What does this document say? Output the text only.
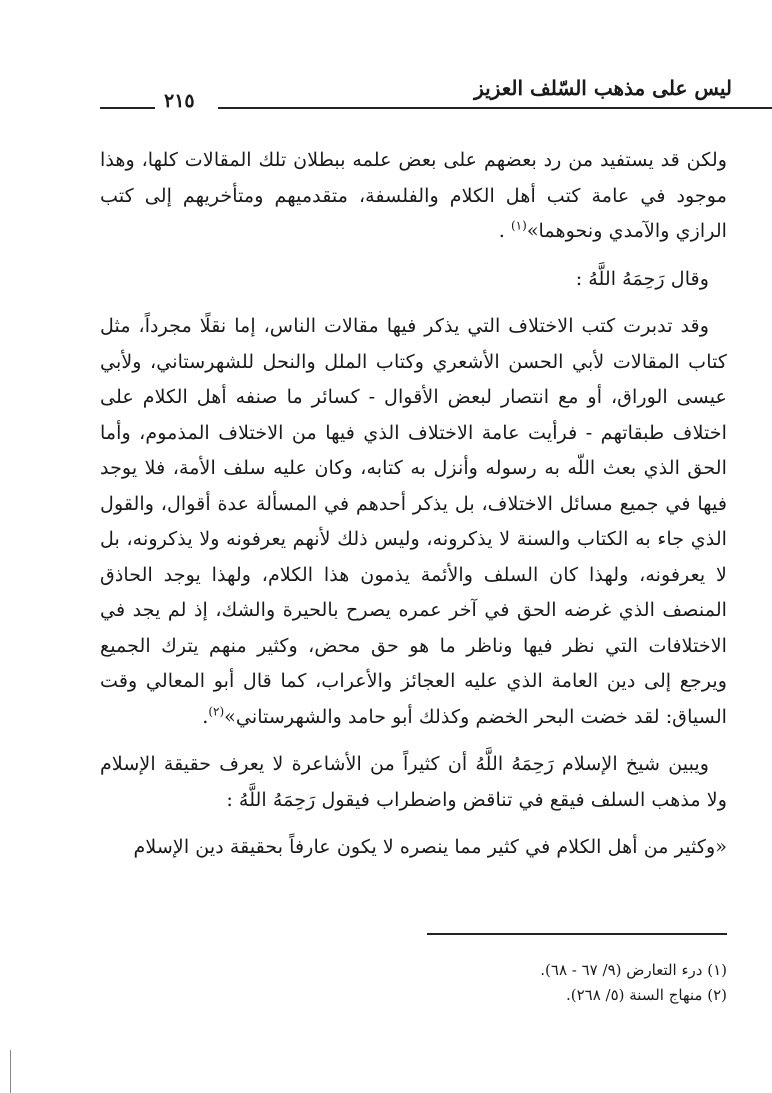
ليس على مذهب السّلف العزيز
٢١٥

ولكن قد يستفيد من رد بعضهم على بعض علمه ببطلان تلك المقالات كلها، وهذا موجود في عامة كتب أهل الكلام والفلسفة، متقدميهم ومتأخريهم إلى كتب الرازي والآمدي ونحوهما»$^{(١)}$ .

وقال رَحِمَهُ اللَّهُ :

وقد تدبرت كتب الاختلاف التي يذكر فيها مقالات الناس، إما نقلًا مجرداً، مثل كتاب المقالات لأبي الحسن الأشعري وكتاب الملل والنحل للشهرستاني، ولأبي عيسى الوراق، أو مع انتصار لبعض الأقوال - كسائر ما صنفه أهل الكلام على اختلاف طبقاتهم - فرأيت عامة الاختلاف الذي فيها من الاختلاف المذموم، وأما الحق الذي بعث اللّه به رسوله وأنزل به كتابه، وكان عليه سلف الأمة، فلا يوجد فيها في جميع مسائل الاختلاف، بل يذكر أحدهم في المسألة عدة أقوال، والقول الذي جاء به الكتاب والسنة لا يذكرونه، وليس ذلك لأنهم يعرفونه ولا يذكرونه، بل لا يعرفونه، ولهذا كان السلف والأئمة يذمون هذا الكلام، ولهذا يوجد الحاذق المنصف الذي غرضه الحق في آخر عمره يصرح بالحيرة والشك، إذ لم يجد في الاختلافات التي نظر فيها وناظر ما هو حق محض، وكثير منهم يترك الجميع ويرجع إلى دين العامة الذي عليه العجائز والأعراب، كما قال أبو المعالي وقت السياق: لقد خضت البحر الخضم وكذلك أبو حامد والشهرستاني»$^{(٢)}$.

ويبين شيخ الإسلام رَحِمَهُ اللَّهُ أن كثيراً من الأشاعرة لا يعرف حقيقة الإسلام ولا مذهب السلف فيقع في تناقض واضطراب فيقول رَحِمَهُ اللَّهُ :

«وكثير من أهل الكلام في كثير مما ينصره لا يكون عارفاً بحقيقة دين الإسلام

(١) درء التعارض (٩/ ٦٧ - ٦٨).
(٢) منهاج السنة (٥/ ٢٦٨).
